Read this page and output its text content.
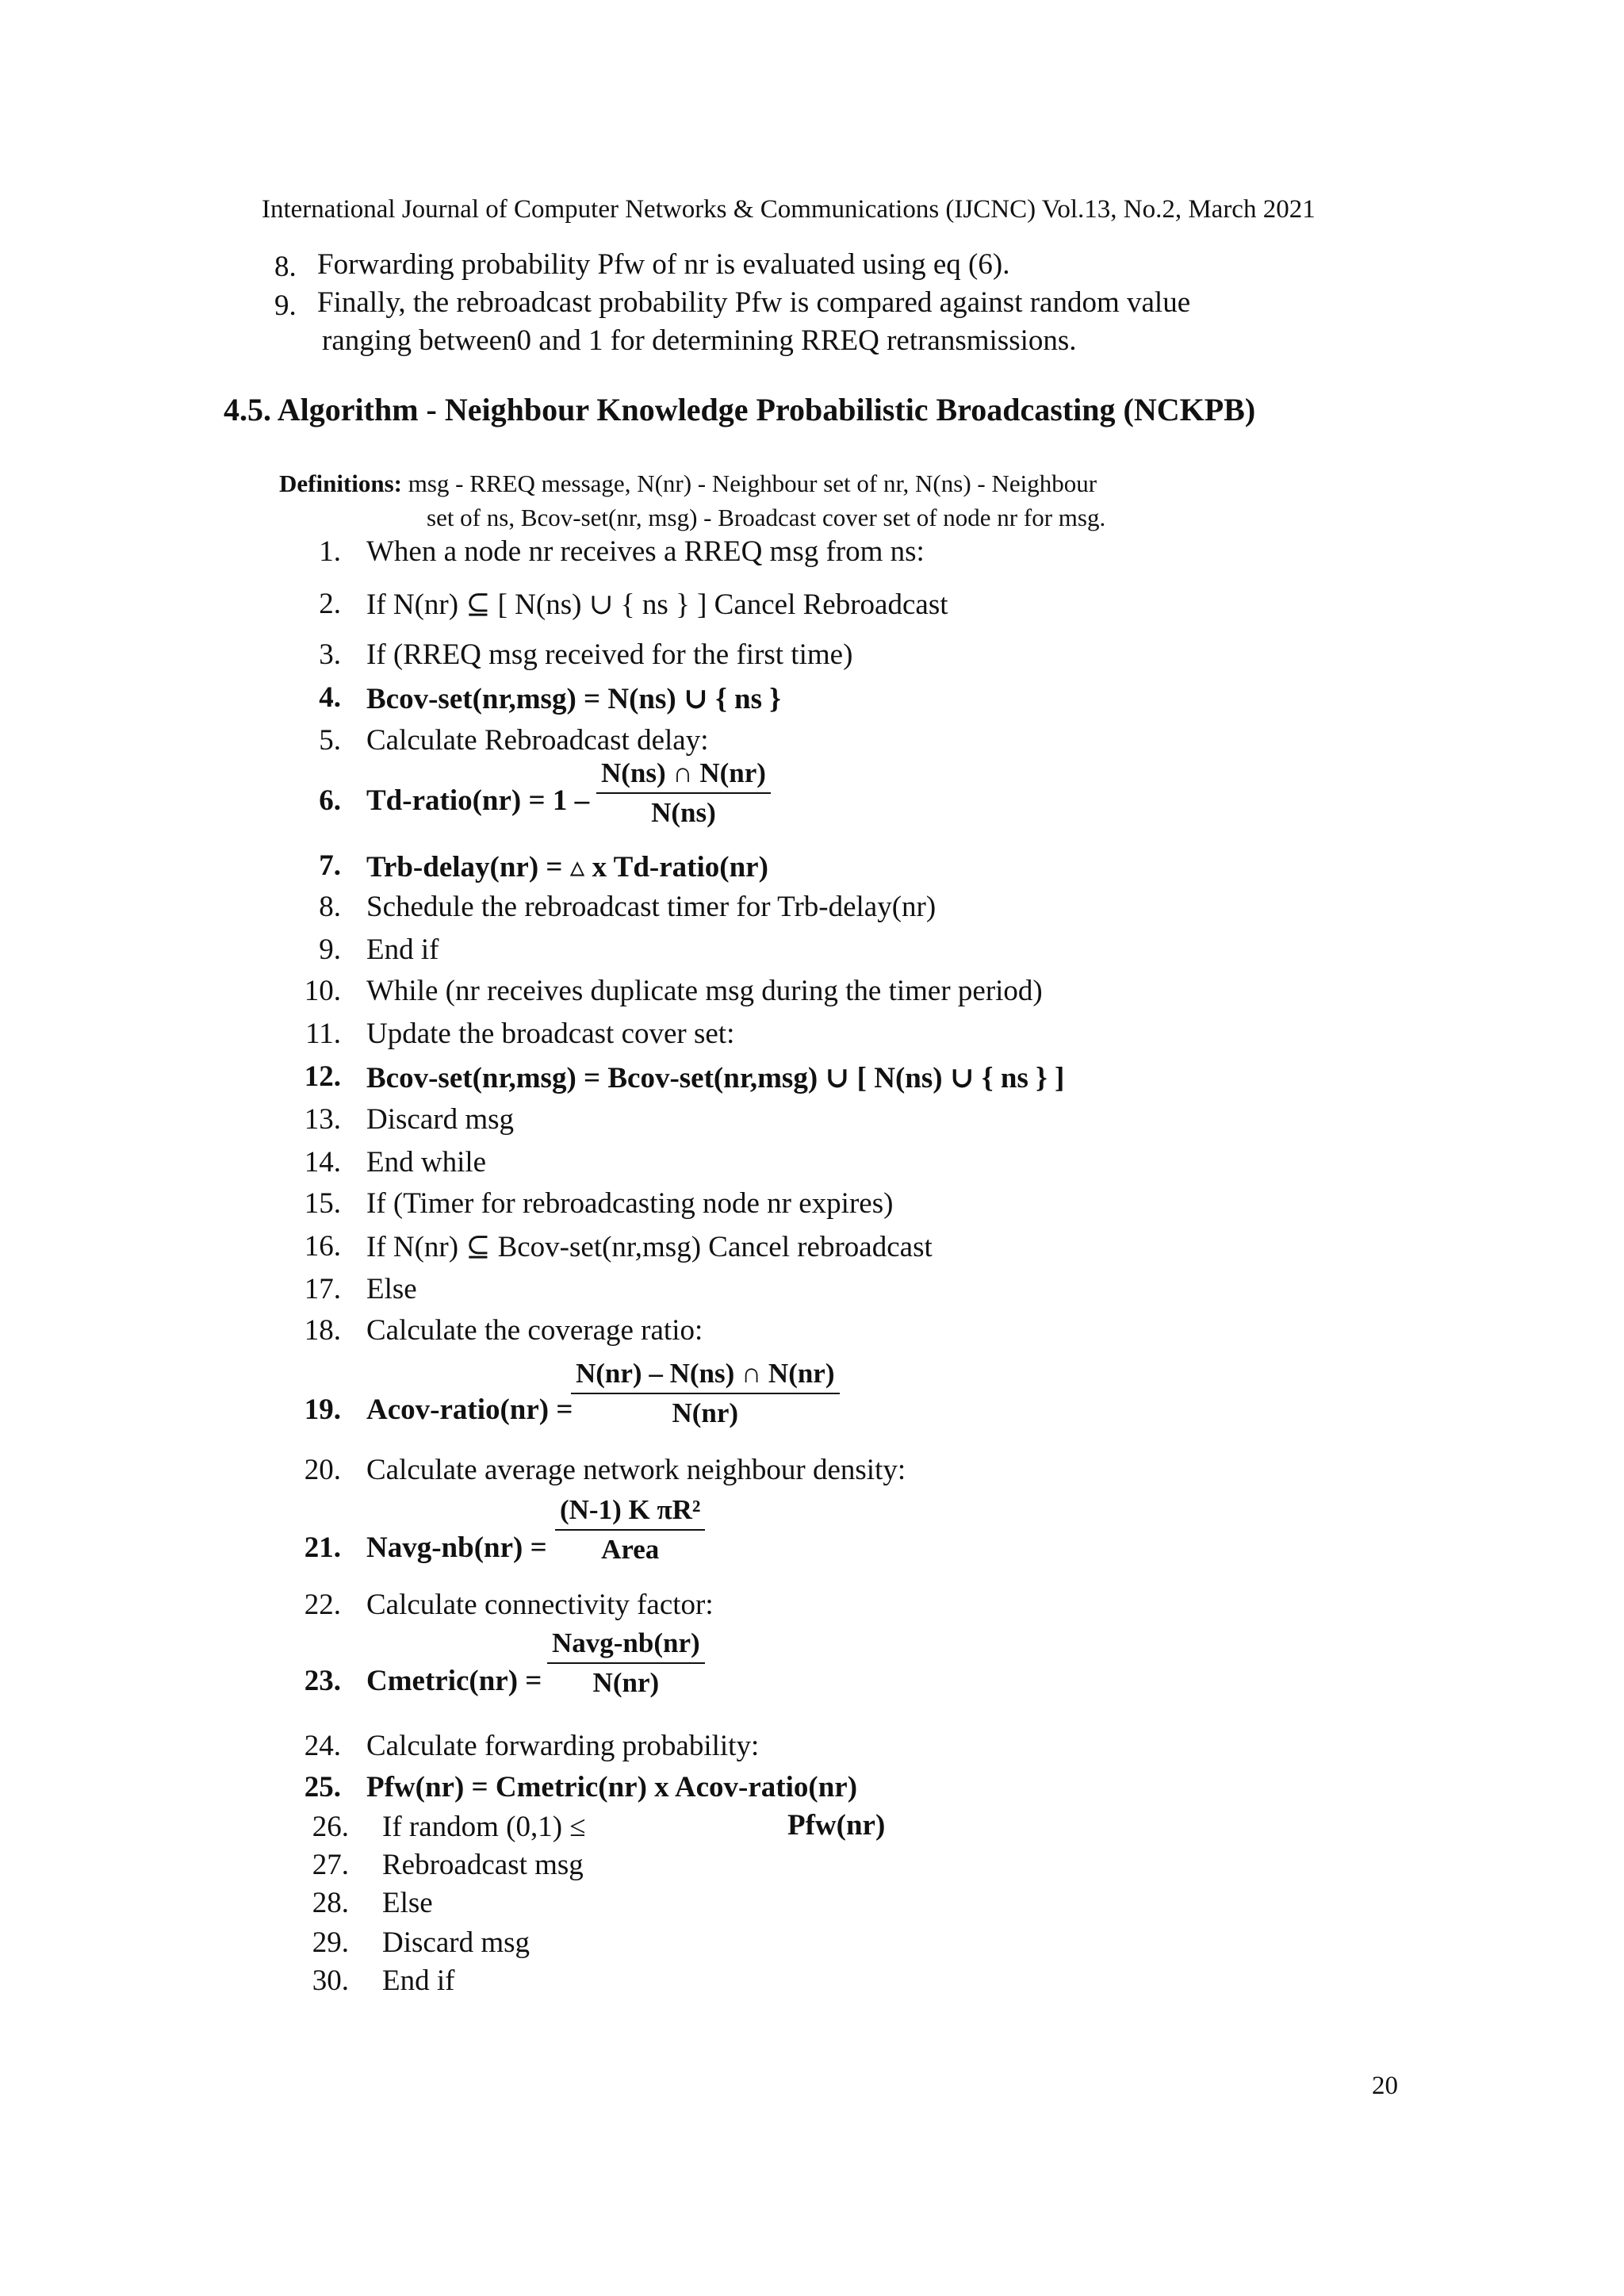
International Journal of Computer Networks & Communications (IJCNC) Vol.13, No.2, March 2021
8. Forwarding probability Pfw of nr is evaluated using eq (6).
9. Finally, the rebroadcast probability Pfw is compared against random value
ranging between0 and 1 for determining RREQ retransmissions.
4.5. Algorithm - Neighbour Knowledge Probabilistic Broadcasting (NCKPB)
Definitions: msg - RREQ message, N(nr) - Neighbour set of nr, N(ns) - Neighbour
set of ns, Bcov-set(nr, msg) - Broadcast cover set of node nr for msg.
1. When a node nr receives a RREQ msg from ns:
2. If N(nr) ⊆ [ N(ns) ∪ { ns } ] Cancel Rebroadcast
3. If (RREQ msg received for the first time)
4. Bcov-set(nr,msg) = N(ns) ∪ { ns }
5. Calculate Rebroadcast delay:
6. Td-ratio(nr) = 1 –
7. Trb-delay(nr) = ▵ x Td-ratio(nr)
8. Schedule the rebroadcast timer for Trb-delay(nr)
9. End if
10. While (nr receives duplicate msg during the timer period)
11. Update the broadcast cover set:
12. Bcov-set(nr,msg) = Bcov-set(nr,msg) ∪ [ N(ns) ∪ { ns } ]
13. Discard msg
14. End while
15. If (Timer for rebroadcasting node nr expires)
16. If N(nr) ⊆ Bcov-set(nr,msg) Cancel rebroadcast
17. Else
18. Calculate the coverage ratio:
19. Acov-ratio(nr) =
20. Calculate average network neighbour density:
21. Navg-nb(nr) =
22. Calculate connectivity factor:
23. Cmetric(nr) =
24. Calculate forwarding probability:
25. Pfw(nr) = Cmetric(nr) x Acov-ratio(nr)
26. If random (0,1) ≤
27. Rebroadcast msg
28. Else
29. Discard msg
30. End if
Pfw(nr)
N(ns) ∩ N(nr)
N(ns)
N(nr) – N(ns) ∩ N(nr)
N(nr)
(N-1) K πR²
Area
Navg-nb(nr)
N(nr)
20
